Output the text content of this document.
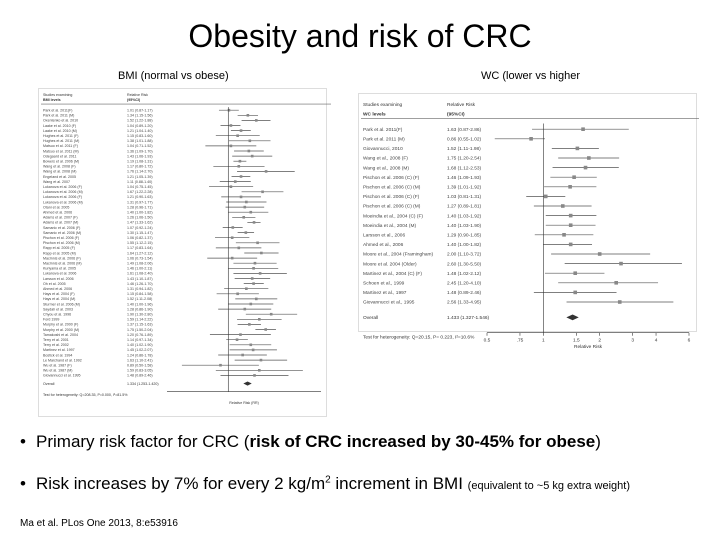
Obesity and risk of CRC
BMI (normal vs obese)	WC (lower vs higher
Studies examining
BMI levels
Relative Risk
(95%CI)
Park et al. 2011(F)	1.01 (0.87-1.17)
Park et al. 2011 (M)	1.34 (1.15-1.56)
Oxentenko et al. 2010	1.52 (1.22-1.88)
Laake et al. 2010 (F)	1.04 (0.89-1.20)
Laake et al. 2010 (M)	1.21 (1.04-1.40)
Hughes et al. 2011 (F)	1.15 (0.83-1.60)
Hughes et al. 2011 (M)	1.38 (1.01-1.88)
Matsuo et al. 2011 (F)	1.04 (0.71-1.52)
Matsuo et al. 2011 (M)	1.36 (1.09-1.70)
Odegaard et al. 2011	1.43 (1.06-1.93)
Bowers et al. 2006 (M)	1.19 (1.08-1.31)
Wang et al. 2008 (F)	1.17 (0.80-1.72)
Wang et al. 2008 (M)	1.76 (1.14-2.70)
Engeland et al. 2005	1.21 (1.05-1.39)
Wang et al. 2007	1.11 (0.88-1.40)
Lukanova et al. 2006 (F)	1.04 (0.75-1.45)
Lukanova et al. 2006 (M)	1.67 (1.22-2.28)
Lukanova et al. 2006 (F)	1.21 (0.90-1.63)
Lukanova et al. 2006 (M)	1.31 (0.97-1.77)
Otani et al. 2005	1.28 (0.96-1.71)
Ahmed et al. 2006	1.40 (1.00-1.82)
Adams et al. 2007 (F)	1.26 (1.06-1.50)
Adams et al. 2007 (M)	1.47 (1.33-1.62)
Samanic et al. 2006 (F)	1.07 (0.92-1.24)
Samanic et al. 2006 (M)	1.30 (1.15-1.47)
Pischon et al. 2006 (F)	1.06 (0.82-1.37)
Pischon et al. 2006 (M)	1.55 (1.12-2.15)
Rapp et al. 2005 (F)	1.17 (0.83-1.64)
Rapp et al. 2005 (M)	1.64 (1.27-2.12)
MacInnis et al. 2006 (F)	1.06 (0.73-1.54)
MacInnis et al. 2006 (M)	1.49 (1.08-2.06)
Kuriyama et al. 2005	1.46 (1.00-2.11)
Lukanova et al. 2006	1.61 (1.08-2.40)
Larsson et al. 2006	1.43 (1.10-1.87)
Oh et al. 2005	1.46 (1.26-1.70)
Ahmed et al. 2006	1.31 (0.94-1.82)
Hays et al. 2004 (F)	1.15 (0.84-1.58)
Hays et al. 2004 (M)	1.52 (1.11-2.08)
Sturmer et al. 2006 (M)	1.40 (1.00-1.96)
Saydah et al. 2003	1.28 (0.86-1.90)
Chyou et al. 1996	1.90 (1.30-2.80)
Ford 1999	1.59 (1.14-2.22)
Murphy et al. 2000 (F)	1.37 (1.15-1.63)
Murphy et al. 2000 (M)	1.75 (1.50-2.04)
Tamakoshi et al. 2004	1.20 (0.76-1.89)
Terry et al. 2001	1.14 (0.97-1.34)
Terry et al. 2002	1.40 (1.02-1.90)
Martinez et al. 1997	1.45 (1.02-2.07)
Bostick et al. 1994	1.24 (0.86-1.78)
Le Marchand et al. 1992	1.63 (1.10-2.41)
Wu et al. 1987 (F)	0.89 (0.50-1.58)
Wu et al. 1987 (M)	1.59 (0.83-3.05)
Giovannucci et al. 1995	1.48 (0.89-2.46)
Overall	1.334 (1.253-1.420)
Test for heterogeneity: Q=208.35, P=0.000, I²=81.5%
Relative Risk (RR)
Studies examining
WC levels
Relative Risk
(95%CI)
Park et al. 2011(F)	1.63 (0.87-2.86)
Park et al. 2011 (M)	0.86 (0.55-1.02)
Giovannucci, 2010	1.52 (1.11-1.98)
Wang et al., 2008 (F)	1.75 (1.20-2.54)
Wang et al., 2008 (M)	1.68 (1.12-2.53)
Pischon et al. 2006 (C) (F)	1.46 (1.09-1.93)
Pischon et al. 2006 (C) (M)	1.39 (1.01-1.92)
Pischon et al. 2006 (C) (F)	1.03 (0.81-1.31)
Pischon et al. 2006 (C) (M)	1.27 (0.89-1.81)
Moeindia et al., 2004 (C) (F)	1.40 (1.03-1.92)
Moeindia et al., 2004 (M)	1.40 (1.03-1.90)
Larsson et al., 2006	1.29 (0.90-1.85)
Ahmed et al., 2006	1.40 (1.00-1.82)
Moore et al., 2004 (Framingham)	2.00 (1.10-3.72)
Moore et al. 2004 (Older)	2.60 (1.30-5.50)
Martinez et al., 2004 (C) (F)	1.48 (1.02-2.12)
Schoen et al., 1999	2.45 (1.20-4.10)
Martinez et al., 1997	1.48 (0.89-2.46)
Giovannucci et al., 1995	2.56 (1.33-4.95)
Overall	1.433 (1.327-1.546)
Test for heterogeneity: Q=20.15, P= 0.223, I²=10.6%
0.5	.75	1	1.5	2	3	4	6
Relative Risk
• Primary risk factor for CRC (risk of CRC increased by 30-45% for obese)
• Risk increases by 7% for every 2 $kg/m^2$ increment in BMI (equivalent to ~5 kg extra weight)
Ma et al. PLos One 2013, 8:e53916
